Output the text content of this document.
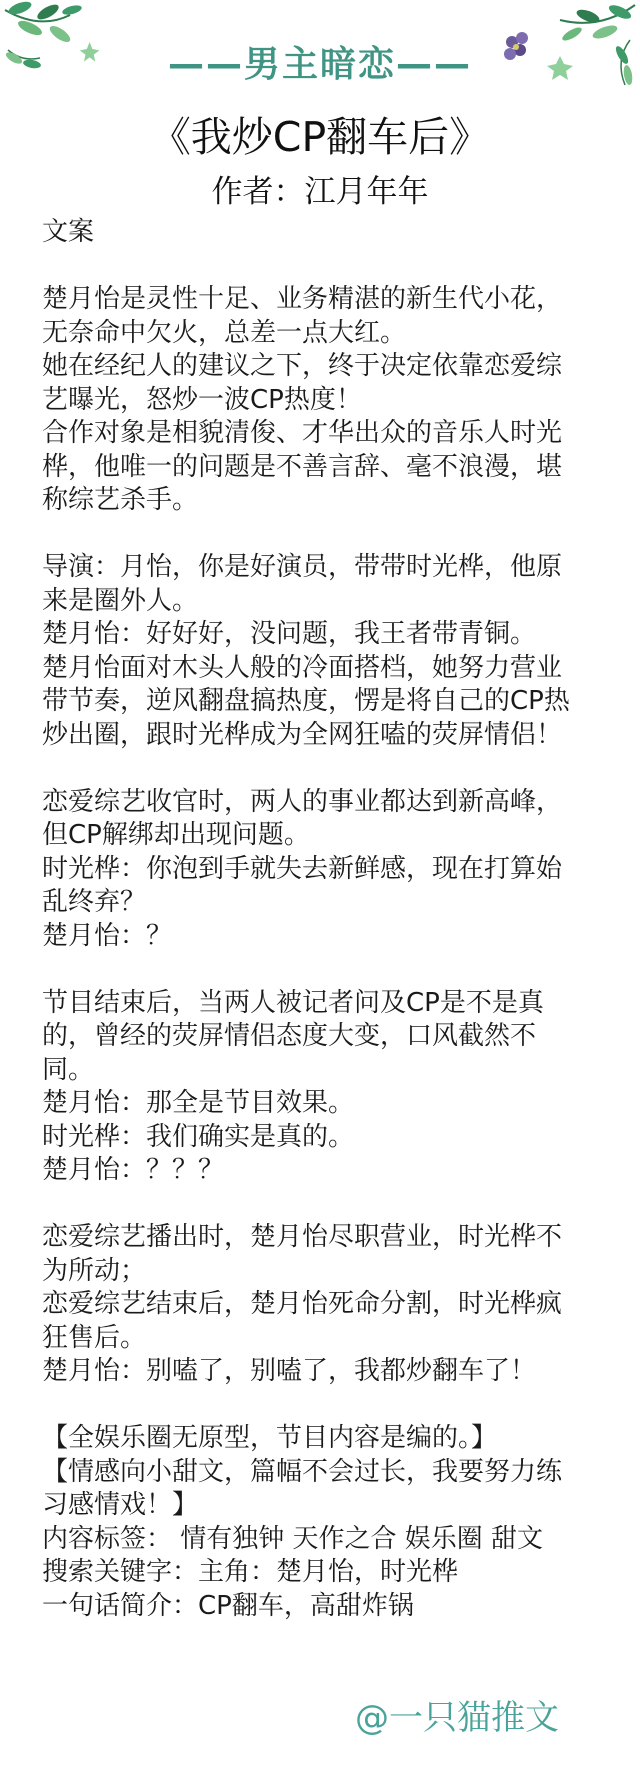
——男主暗恋——
《我炒CP翻车后》
作者：江月年年
文案
楚月怡是灵性十足、业务精湛的新生代小花，
无奈命中欠火，总差一点大红。
她在经纪人的建议之下，终于决定依靠恋爱综
艺曝光，怒炒一波CP热度！
合作对象是相貌清俊、才华出众的音乐人时光
桦，他唯一的问题是不善言辞、毫不浪漫，堪
称综艺杀手。
导演：月怡，你是好演员，带带时光桦，他原
来是圈外人。
楚月怡：好好好，没问题，我王者带青铜。
楚月怡面对木头人般的冷面搭档，她努力营业
带节奏，逆风翻盘搞热度，愣是将自己的CP热
炒出圈，跟时光桦成为全网狂嗑的荧屏情侣！
恋爱综艺收官时，两人的事业都达到新高峰，
但CP解绑却出现问题。
时光桦：你泡到手就失去新鲜感，现在打算始
乱终弃？
楚月怡：？
节目结束后，当两人被记者问及CP是不是真
的，曾经的荧屏情侣态度大变，口风截然不
同。
楚月怡：那全是节目效果。
时光桦：我们确实是真的。
楚月怡：？？？
恋爱综艺播出时，楚月怡尽职营业，时光桦不
为所动；
恋爱综艺结束后，楚月怡死命分割，时光桦疯
狂售后。
楚月怡：别嗑了，别嗑了，我都炒翻车了！
【全娱乐圈无原型，节目内容是编的。】
【情感向小甜文，篇幅不会过长，我要努力练
习感情戏！】
内容标签： 情有独钟 天作之合 娱乐圈 甜文
搜索关键字：主角：楚月怡，时光桦
一句话简介：CP翻车，高甜炸锅
@一只猫推文
